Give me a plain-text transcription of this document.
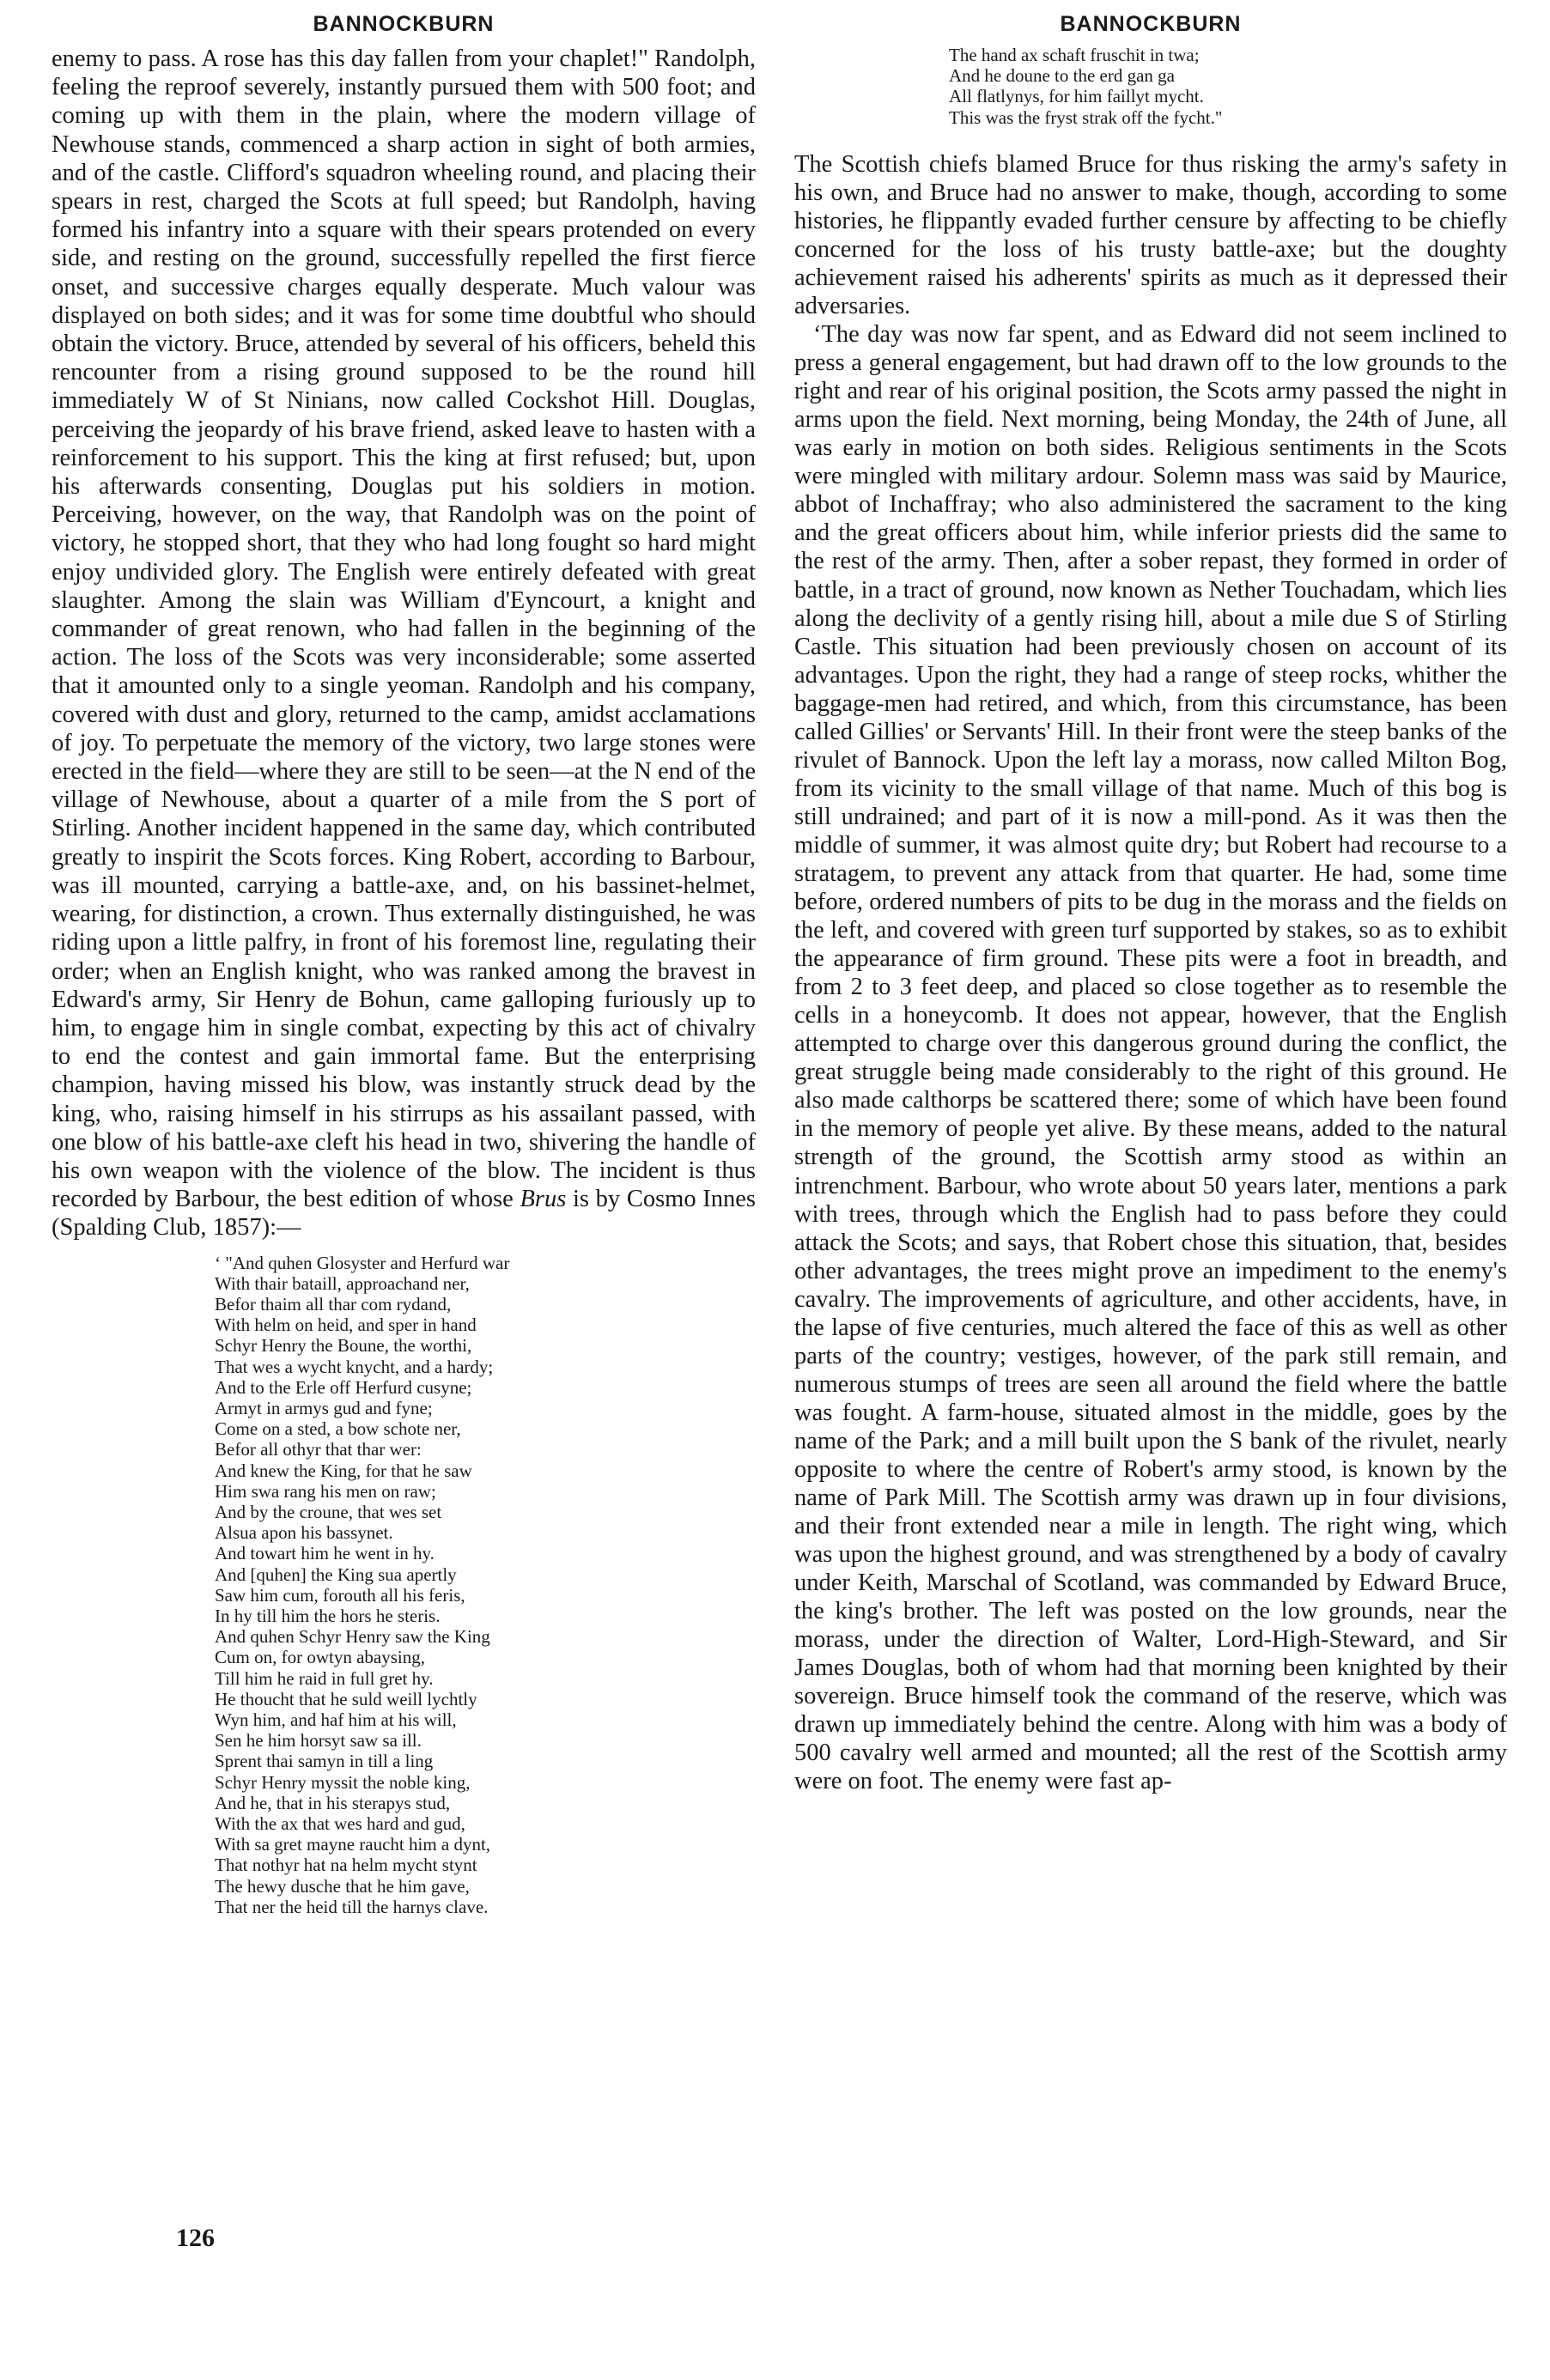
BANNOCKBURN

enemy to pass. A rose has this day fallen from your chaplet!" Randolph, feeling the reproof severely, instantly pursued them with 500 foot; and coming up with them in the plain, where the modern village of Newhouse stands, commenced a sharp action in sight of both armies, and of the castle. Clifford's squadron wheeling round, and placing their spears in rest, charged the Scots at full speed; but Randolph, having formed his infantry into a square with their spears protended on every side, and resting on the ground, successfully repelled the first fierce onset, and successive charges equally desperate. Much valour was displayed on both sides; and it was for some time doubtful who should obtain the victory. Bruce, attended by several of his officers, beheld this rencounter from a rising ground supposed to be the round hill immediately W of St Ninians, now called Cockshot Hill. Douglas, perceiving the jeopardy of his brave friend, asked leave to hasten with a reinforcement to his support. This the king at first refused; but, upon his afterwards consenting, Douglas put his soldiers in motion. Perceiving, however, on the way, that Randolph was on the point of victory, he stopped short, that they who had long fought so hard might enjoy undivided glory. The English were entirely defeated with great slaughter. Among the slain was William d'Eyncourt, a knight and commander of great renown, who had fallen in the beginning of the action. The loss of the Scots was very inconsiderable; some asserted that it amounted only to a single yeoman. Randolph and his company, covered with dust and glory, returned to the camp, amidst acclamations of joy. To perpetuate the memory of the victory, two large stones were erected in the field—where they are still to be seen—at the N end of the village of Newhouse, about a quarter of a mile from the S port of Stirling. Another incident happened in the same day, which contributed greatly to inspirit the Scots forces. King Robert, according to Barbour, was ill mounted, carrying a battle-axe, and, on his bassinet-helmet, wearing, for distinction, a crown. Thus externally distinguished, he was riding upon a little palfry, in front of his foremost line, regulating their order; when an English knight, who was ranked among the bravest in Edward's army, Sir Henry de Bohun, came galloping furiously up to him, to engage him in single combat, expecting by this act of chivalry to end the contest and gain immortal fame. But the enterprising champion, having missed his blow, was instantly struck dead by the king, who, raising himself in his stirrups as his assailant passed, with one blow of his battle-axe cleft his head in two, shivering the handle of his own weapon with the violence of the blow. The incident is thus recorded by Barbour, the best edition of whose Brus is by Cosmo Innes (Spalding Club, 1857):—

‘ "And quhen Glosyster and Herfurd war
With thair bataill, approachand ner,
Befor thaim all thar com rydand,
With helm on heid, and sper in hand
Schyr Henry the Boune, the worthi,
That wes a wycht knycht, and a hardy;
And to the Erle off Herfurd cusyne;
Armyt in armys gud and fyne;
Come on a sted, a bow schote ner,
Befor all othyr that thar wer:
And knew the King, for that he saw
Him swa rang his men on raw;
And by the croune, that wes set
Alsua apon his bassynet.
And towart him he went in hy.
And [quhen] the King sua apertly
Saw him cum, forouth all his feris,
In hy till him the hors he steris.
And quhen Schyr Henry saw the King
Cum on, for owtyn abaysing,
Till him he raid in full gret hy.
He thoucht that he suld weill lychtly
Wyn him, and haf him at his will,
Sen he him horsyt saw sa ill.
Sprent thai samyn in till a ling
Schyr Henry myssit the noble king,
And he, that in his sterapys stud,
With the ax that wes hard and gud,
With sa gret mayne raucht him a dynt,
That nothyr hat na helm mycht stynt
The hewy dusche that he him gave,
That ner the heid till the harnys clave.
126
BANNOCKBURN
The hand ax schaft fruschit in twa;
And he doune to the erd gan ga
All flatlynys, for him faillyt mycht.
This was the fryst strak off the fycht."

The Scottish chiefs blamed Bruce for thus risking the army's safety in his own, and Bruce had no answer to make, though, according to some histories, he flippantly evaded further censure by affecting to be chiefly concerned for the loss of his trusty battle-axe; but the doughty achievement raised his adherents' spirits as much as it depressed their adversaries.

‘The day was now far spent, and as Edward did not seem inclined to press a general engagement, but had drawn off to the low grounds to the right and rear of his original position, the Scots army passed the night in arms upon the field. Next morning, being Monday, the 24th of June, all was early in motion on both sides. Religious sentiments in the Scots were mingled with military ardour. Solemn mass was said by Maurice, abbot of Inchaffray; who also administered the sacrament to the king and the great officers about him, while inferior priests did the same to the rest of the army. Then, after a sober repast, they formed in order of battle, in a tract of ground, now known as Nether Touchadam, which lies along the declivity of a gently rising hill, about a mile due S of Stirling Castle. This situation had been previously chosen on account of its advantages. Upon the right, they had a range of steep rocks, whither the baggage-men had retired, and which, from this circumstance, has been called Gillies' or Servants' Hill. In their front were the steep banks of the rivulet of Bannock. Upon the left lay a morass, now called Milton Bog, from its vicinity to the small village of that name. Much of this bog is still undrained; and part of it is now a mill-pond. As it was then the middle of summer, it was almost quite dry; but Robert had recourse to a stratagem, to prevent any attack from that quarter. He had, some time before, ordered numbers of pits to be dug in the morass and the fields on the left, and covered with green turf supported by stakes, so as to exhibit the appearance of firm ground. These pits were a foot in breadth, and from 2 to 3 feet deep, and placed so close together as to resemble the cells in a honeycomb. It does not appear, however, that the English attempted to charge over this dangerous ground during the conflict, the great struggle being made considerably to the right of this ground. He also made calthorps be scattered there; some of which have been found in the memory of people yet alive. By these means, added to the natural strength of the ground, the Scottish army stood as within an intrenchment. Barbour, who wrote about 50 years later, mentions a park with trees, through which the English had to pass before they could attack the Scots; and says, that Robert chose this situation, that, besides other advantages, the trees might prove an impediment to the enemy's cavalry. The improvements of agriculture, and other accidents, have, in the lapse of five centuries, much altered the face of this as well as other parts of the country; vestiges, however, of the park still remain, and numerous stumps of trees are seen all around the field where the battle was fought. A farm-house, situated almost in the middle, goes by the name of the Park; and a mill built upon the S bank of the rivulet, nearly opposite to where the centre of Robert's army stood, is known by the name of Park Mill. The Scottish army was drawn up in four divisions, and their front extended near a mile in length. The right wing, which was upon the highest ground, and was strengthened by a body of cavalry under Keith, Marschal of Scotland, was commanded by Edward Bruce, the king's brother. The left was posted on the low grounds, near the morass, under the direction of Walter, Lord-High-Steward, and Sir James Douglas, both of whom had that morning been knighted by their sovereign. Bruce himself took the command of the reserve, which was drawn up immediately behind the centre. Along with him was a body of 500 cavalry well armed and mounted; all the rest of the Scottish army were on foot. The enemy were fast ap-
